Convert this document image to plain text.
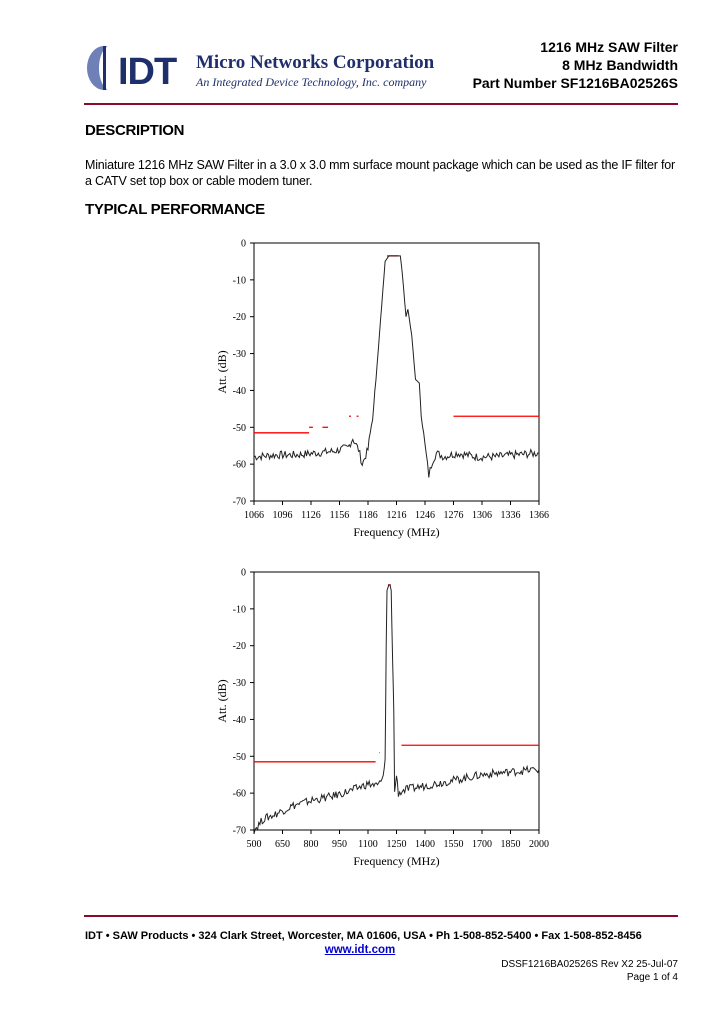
IDT Micro Networks Corporation
An Integrated Device Technology, Inc. company
1216 MHz SAW Filter
8 MHz Bandwidth
Part Number SF1216BA02526S
DESCRIPTION
Miniature 1216 MHz SAW Filter in a 3.0 x 3.0 mm surface mount package which can be used as the IF filter for a CATV set top box or cable modem tuner.
TYPICAL PERFORMANCE
0
-10
-20
-30
-40
-50
-60
-70
1066 1096 1126 1156 1186 1216 1246 1276 1306 1336 1366
Frequency (MHz)
Att. (dB)
0
-10
-20
-30
-40
-50
-60
-70
500 650 800 950 1100 1250 1400 1550 1700 1850 2000
Frequency (MHz)
Att. (dB)
IDT • SAW Products • 324 Clark Street, Worcester, MA 01606, USA • Ph 1-508-852-5400 • Fax 1-508-852-8456
www.idt.com
DSSF1216BA02526S Rev X2 25-Jul-07
Page 1 of 4
